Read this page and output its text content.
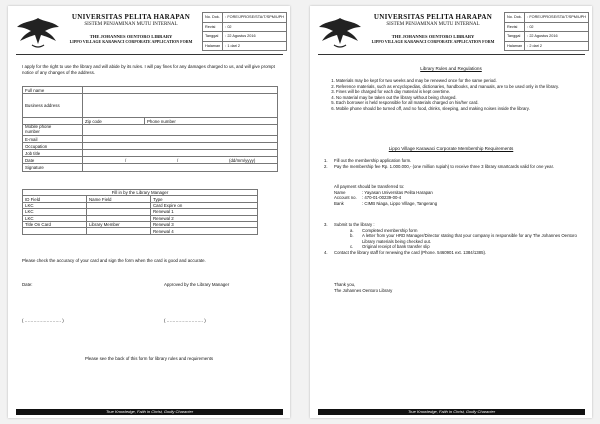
UNIVERSITAS PELITA HARAPAN
SISTEM PENJAMINAN MUTU INTERNAL
THE JOHANNES OENTORO LIBRARY
LIPPO VILLAGE KARAWACI CORPORATE APPLICATION FORM
No. Dok.	: FORE/JPROSE/STA/T/SPM/UPH
Revisi	: 02
Tanggal	: 22 Agustus 2016
Halaman	: 1 dari 2
I apply for the right to use the library and will abide by its rules. I will pay fines for any damages charged to us, and will give prompt notice of any changes of the address.
Full name		
Business address		
	Zip code	Phone number
Mobile phone
number		
E-mail		
Occupation		
Job title		
Date	/ / (dd/mm/yyyy)	

Signature		
Fill in by the Library Manager		
ID Field	Name Field	Type
LKC		Card Expire on
LKC		Renewal 1
LKC		Renewal 2
Title On Card	Library Member	Renewal 3
		Renewal 4
Please check the accuracy of your card and sign the form when the card is good and accurate.
Date:	Approved by the Library Manager
( ……………………. )	( ……………………. )
Please see the back of this form for library rules and requirements
True Knowledge, Faith in Christ, Godly Character
UNIVERSITAS PELITA HARAPAN
SISTEM PENJAMINAN MUTU INTERNAL
THE JOHANNES OENTORO LIBRARY
LIPPO VILLAGE KARAWACI CORPORATE APPLICATION FORM
No. Dok.	: FORE/JPROSE/STA/T/SPM/UPH
Revisi	: 02
Tanggal	: 22 Agustus 2016
Halaman	: 2 dari 2
Library Rules and Regulations
1. Materials may be kept for two weeks and may be renewed once for the same period.
2. Reference materials, such as encyclopedias, dictionaries, handbooks, and manuals, are to be used only in the library.
3. Fines will be charged for each day material is kept overtime.
4. No material may be taken out the library without being charged.
5. Each borrower is held responsible for all materials charged on his/her card.
6. Mobile phone should be turned off, and no food, drinks, sleeping, and making noises inside the library.
Lippo Village Karawaci Corporate Membership Requirements
1. Fill out the membership application form.
2.	Pay the membership fee Rp. 1.000.000,- (one million rupiah) to receive three 3 library smartcards valid for one year.
All payment should be transferred to:
Name	: Yayasan Universitas Pelita Harapan
Account no.	: 470-01-00239-00-4
Bank	: CIMB Niaga, Lippo Village, Tangerang
3. Submit to the library :
a.	Completed membership form
b.	A letter from your HRD Manager/Director stating that your company is responsible for any The Johannes Oentoro Library materials being checked out.
c.	Original receipt of bank transfer slip
4.	Contact the library staff for renewing the card (Phone. 5460901 ext. 1384/1385).
Thank you,
The Johannes Oentoro Library
True Knowledge, Faith in Christ, Godly Character
